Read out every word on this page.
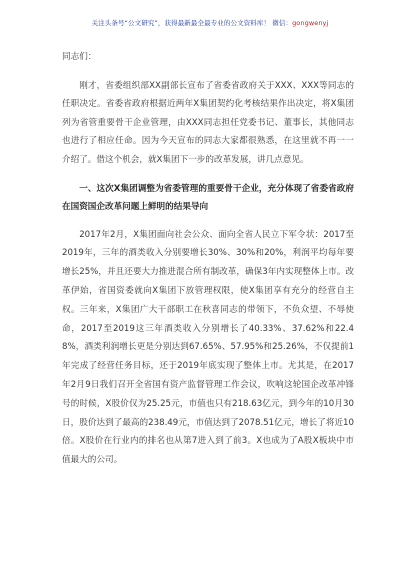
关注头条号“公文研究”，获得最新最全最专业的公文资料库！ 微信：gongwenyj

同志们：

刚才，省委组织部XX副部长宣布了省委省政府关于XXX、XXX等同志的任职决定。省委省政府根据近两年X集团契约化考核结果作出决定，将X集团列为省管重要骨干企业管理，由XXX同志担任党委书记、董事长，其他同志也进行了相应任命。因为今天宣布的同志大家都很熟悉，在这里就不再一一介绍了。借这个机会，就X集团下一步的改革发展，讲几点意见。

一、这次X集团调整为省委管理的重要骨干企业，充分体现了省委省政府在国资国企改革问题上鲜明的结果导向

2017年2月，X集团面向社会公众、面向全省人民立下军令状：2017至2019年，三年的酒类收入分别要增长30%、30%和20%，利润平均每年要增长25%，并且还要大力推进混合所有制改革，确保3年内实现整体上市。改革伊始，省国资委就向X集团下放管理权限，使X集团享有充分的经营自主权。三年来，X集团广大干部职工在秋喜同志的带领下，不负众望、不辱使命，2017至2019这三年酒类收入分别增长了40.33%、37.62%和22.48%，酒类利润增长更是分别达到67.65%、57.95%和25.26%，不仅提前1年完成了经营任务目标，还于2019年底实现了整体上市。尤其是，在2017年2月9日我们召开全省国有资产监督管理工作会议，吹响这轮国企改革冲锋号的时候，X股价仅为25.25元，市值也只有218.63亿元，到今年的10月30日，股价达到了最高的238.49元，市值达到了2078.51亿元，增长了将近10倍。X股价在行业内的排名也从第7进入到了前3。X也成为了A股X板块中市值最大的公司。
